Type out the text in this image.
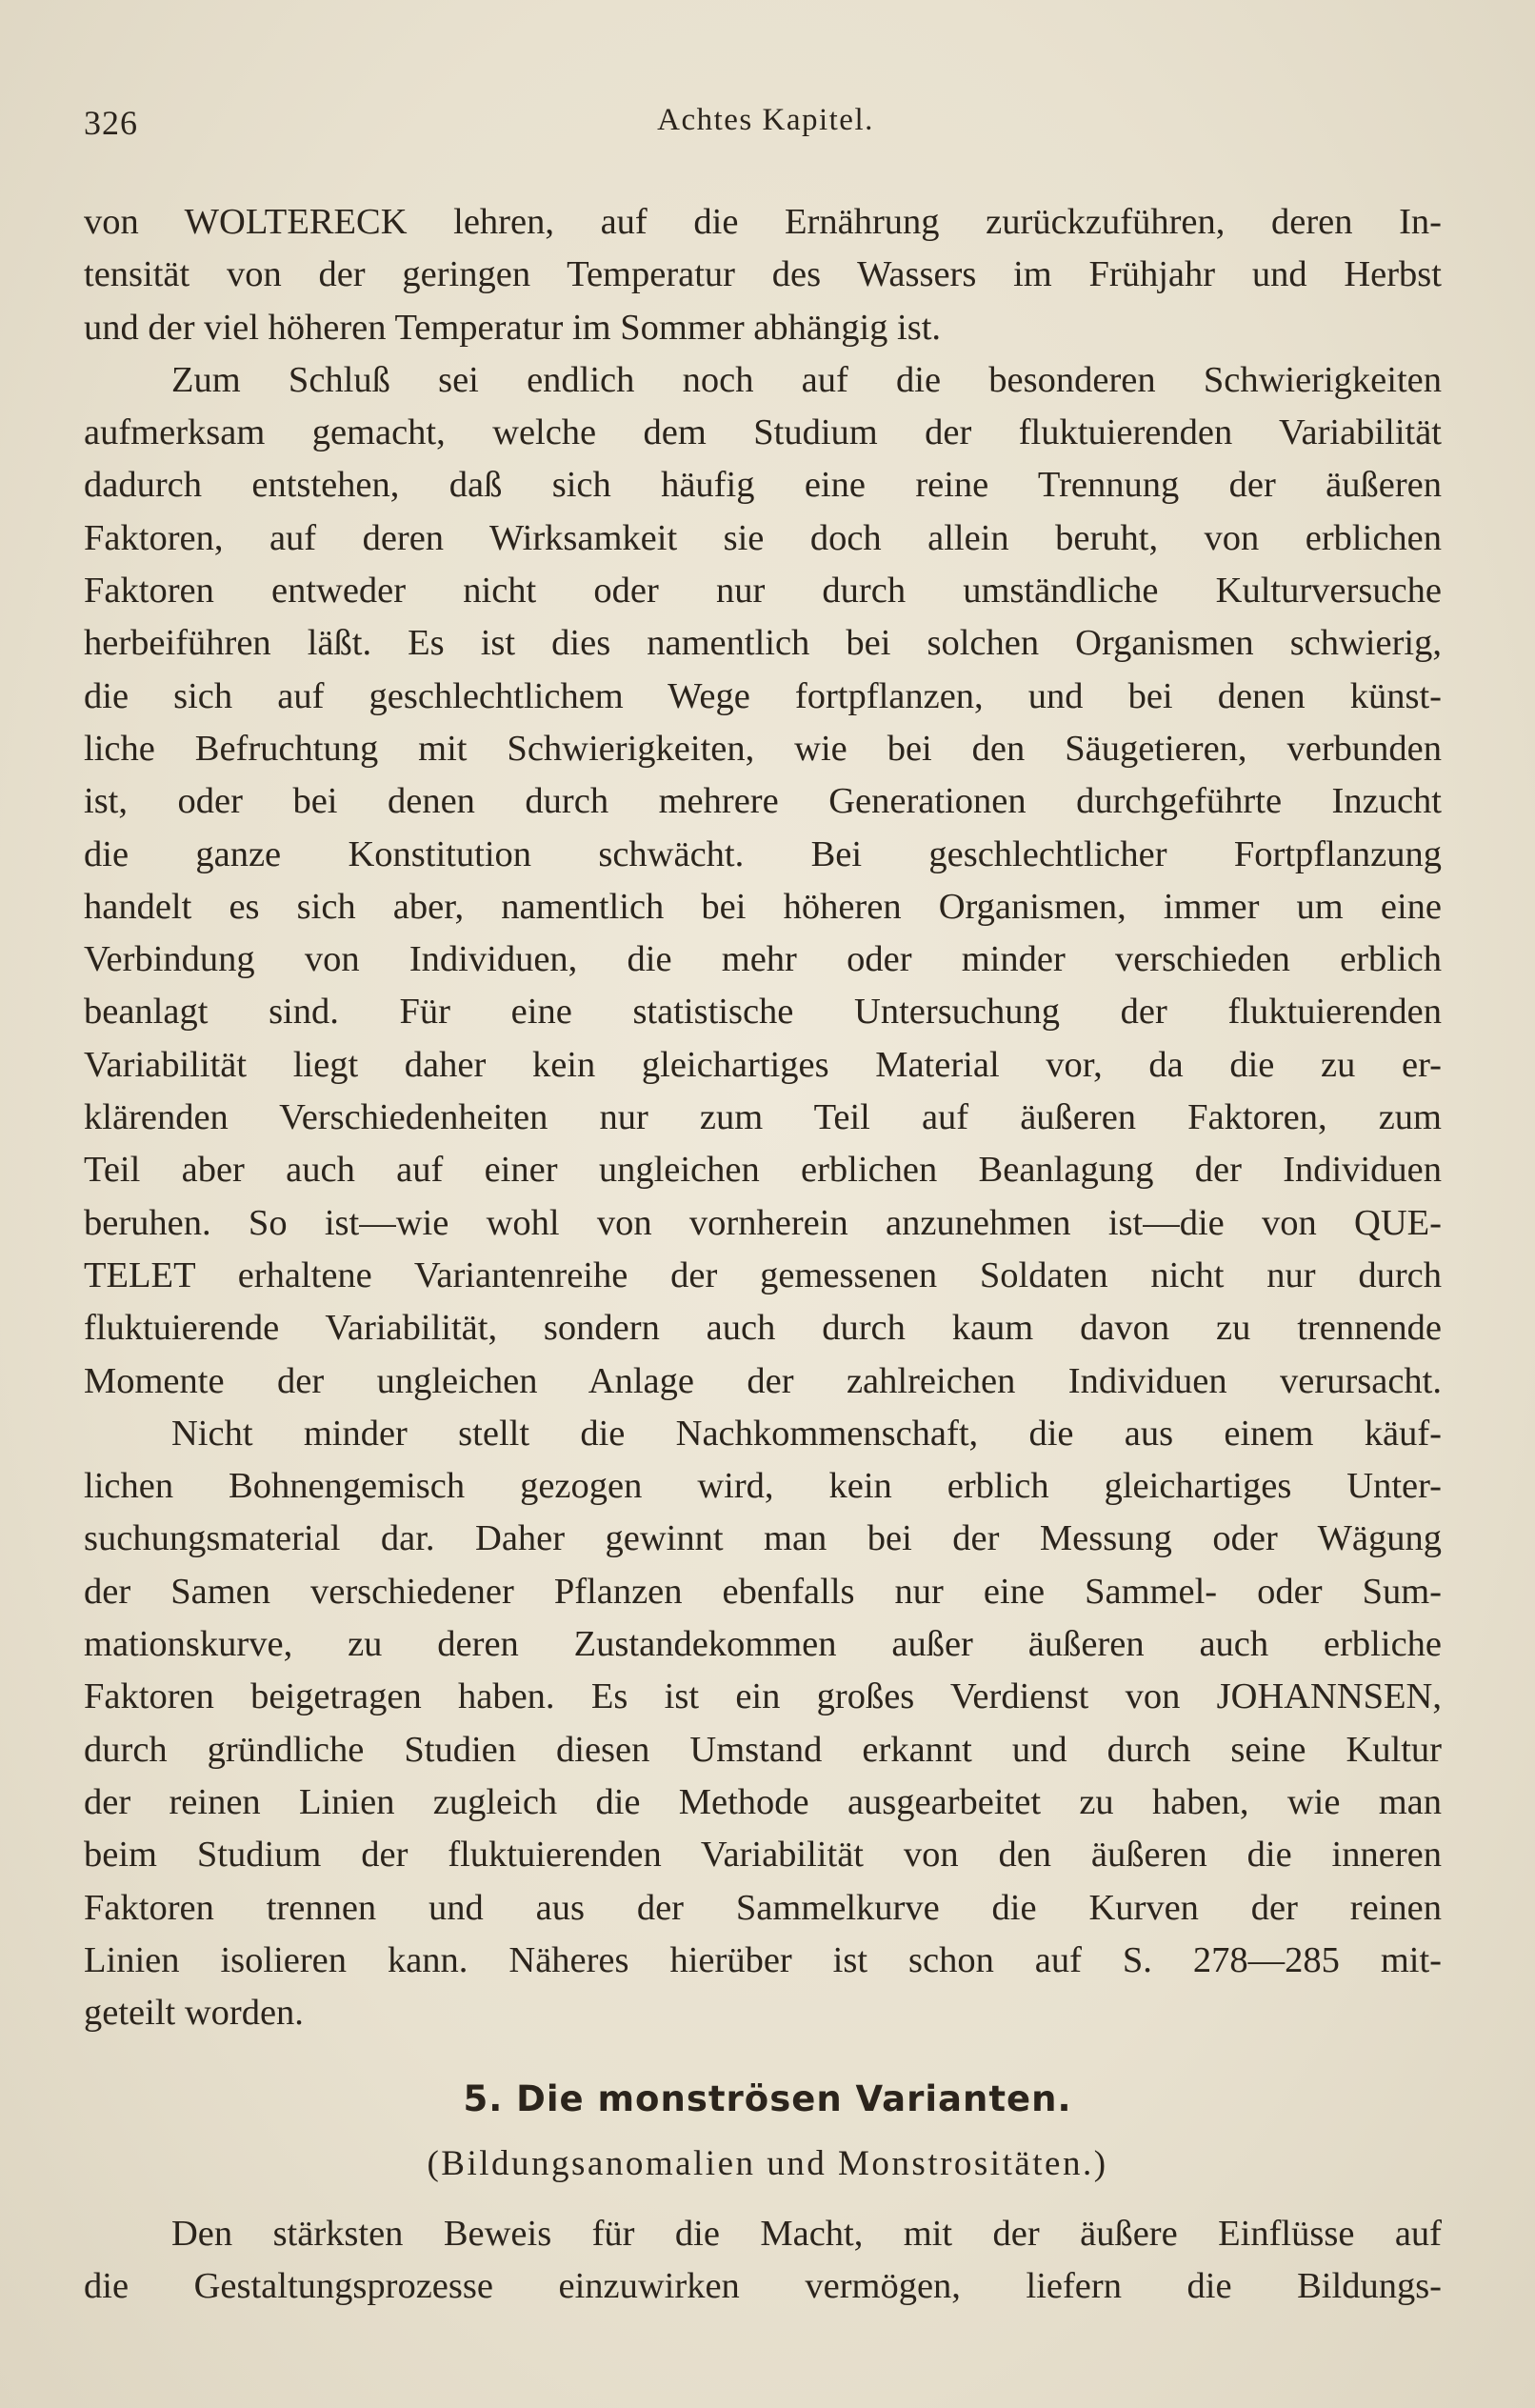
326	Achtes Kapitel.
von WOLTERECK lehren, auf die Ernährung zurückzuführen, deren In-
tensität von der geringen Temperatur des Wassers im Frühjahr und Herbst
und der viel höheren Temperatur im Sommer abhängig ist.
Zum Schluß sei endlich noch auf die besonderen Schwierigkeiten
aufmerksam gemacht, welche dem Studium der fluktuierenden Variabilität
dadurch entstehen, daß sich häufig eine reine Trennung der äußeren
Faktoren, auf deren Wirksamkeit sie doch allein beruht, von erblichen
Faktoren entweder nicht oder nur durch umständliche Kulturversuche
herbeiführen läßt. Es ist dies namentlich bei solchen Organismen schwierig,
die sich auf geschlechtlichem Wege fortpflanzen, und bei denen künst-
liche Befruchtung mit Schwierigkeiten, wie bei den Säugetieren, verbunden
ist, oder bei denen durch mehrere Generationen durchgeführte Inzucht
die ganze Konstitution schwächt. Bei geschlechtlicher Fortpflanzung
handelt es sich aber, namentlich bei höheren Organismen, immer um eine
Verbindung von Individuen, die mehr oder minder verschieden erblich
beanlagt sind. Für eine statistische Untersuchung der fluktuierenden
Variabilität liegt daher kein gleichartiges Material vor, da die zu er-
klärenden Verschiedenheiten nur zum Teil auf äußeren Faktoren, zum
Teil aber auch auf einer ungleichen erblichen Beanlagung der Individuen
beruhen. So ist—wie wohl von vornherein anzunehmen ist—die von QUE-
TELET erhaltene Variantenreihe der gemessenen Soldaten nicht nur durch
fluktuierende Variabilität, sondern auch durch kaum davon zu trennende
Momente der ungleichen Anlage der zahlreichen Individuen verursacht.
Nicht minder stellt die Nachkommenschaft, die aus einem käuf-
lichen Bohnengemisch gezogen wird, kein erblich gleichartiges Unter-
suchungsmaterial dar. Daher gewinnt man bei der Messung oder Wägung
der Samen verschiedener Pflanzen ebenfalls nur eine Sammel- oder Sum-
mationskurve, zu deren Zustandekommen außer äußeren auch erbliche
Faktoren beigetragen haben. Es ist ein großes Verdienst von JOHANNSEN,
durch gründliche Studien diesen Umstand erkannt und durch seine Kultur
der reinen Linien zugleich die Methode ausgearbeitet zu haben, wie man
beim Studium der fluktuierenden Variabilität von den äußeren die inneren
Faktoren trennen und aus der Sammelkurve die Kurven der reinen
Linien isolieren kann. Näheres hierüber ist schon auf S. 278—285 mit-
geteilt worden.
5. Die monströsen Varianten.
(Bildungsanomalien und Monstrositäten.)
Den stärksten Beweis für die Macht, mit der äußere Einflüsse auf
die Gestaltungsprozesse einzuwirken vermögen, liefern die Bildungs-
